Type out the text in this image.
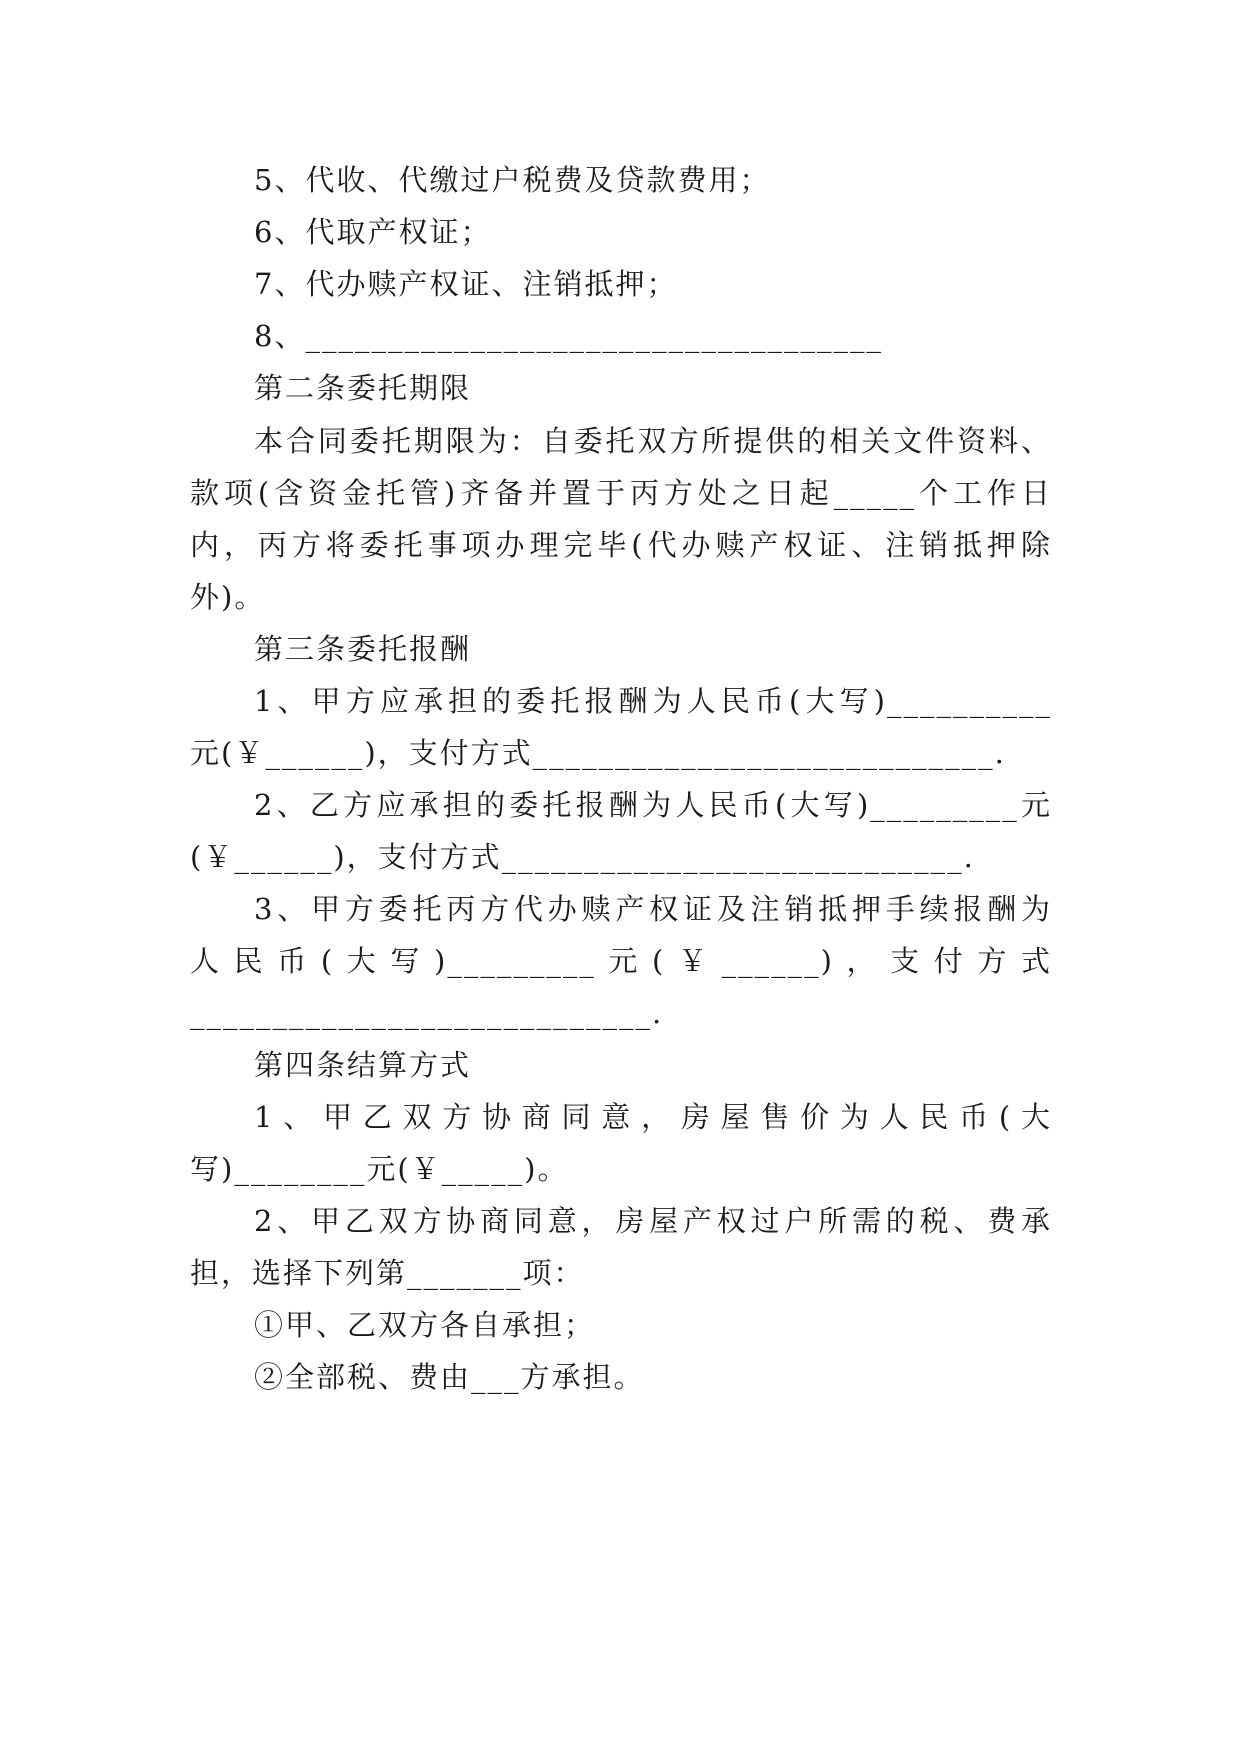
5、代收、代缴过户税费及贷款费用；
6、代取产权证；
7、代办赎产权证、注销抵押；
8、___________________________________
第二条委托期限
本合同委托期限为：自委托双方所提供的相关文件资料、
款项(含资金托管)齐备并置于丙方处之日起_____个工作日
内，丙方将委托事项办理完毕(代办赎产权证、注销抵押除
外)。
第三条委托报酬
1、甲方应承担的委托报酬为人民币(大写)__________
元(￥______)，支付方式____________________________.
2、乙方应承担的委托报酬为人民币(大写)_________元
(￥______)，支付方式____________________________.
3、甲方委托丙方代办赎产权证及注销抵押手续报酬为
人民币(大写)_________元(￥______)，支付方式
____________________________.
第四条结算方式
1、甲乙双方协商同意，房屋售价为人民币(大
写)________元(￥_____)。
2、甲乙双方协商同意，房屋产权过户所需的税、费承
担，选择下列第_______项：
①甲、乙双方各自承担；
②全部税、费由___方承担。
